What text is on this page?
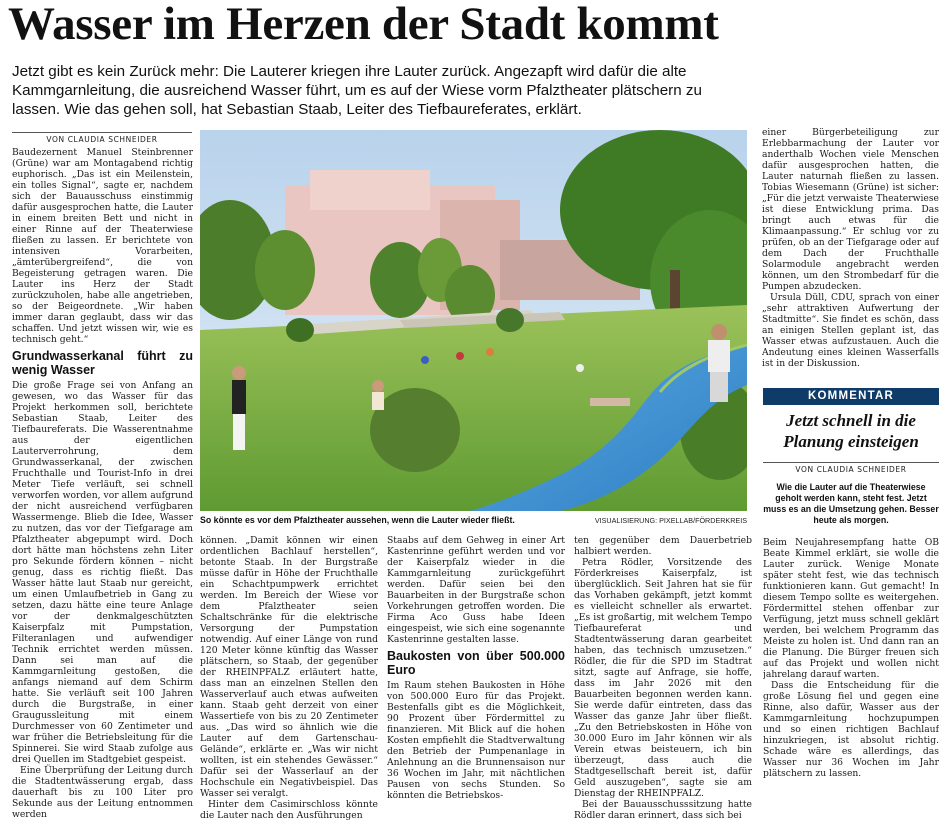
Wasser im Herzen der Stadt kommt
Jetzt gibt es kein Zurück mehr: Die Lauterer kriegen ihre Lauter zurück. Angezapft wird dafür die alte Kammgarnleitung, die ausreichend Wasser führt, um es auf der Wiese vorm Pfalztheater plätschern zu lassen. Wie das gehen soll, hat Sebastian Staab, Leiter des Tiefbaureferates, erklärt.
VON CLAUDIA SCHNEIDER

Baudezernent Manuel Steinbrenner (Grüne) war am Montagabend richtig euphorisch. „Das ist ein Meilenstein, ein tolles Signal“, sagte er, nachdem sich der Bauausschuss einstimmig dafür ausgesprochen hatte, die Lauter in einem breiten Bett und nicht in einer Rinne auf der Theaterwiese fließen zu lassen. Er berichtete von intensiven Vorarbeiten, „ämterübergreifend“, die von Begeisterung getragen waren. Die Lauter ins Herz der Stadt zurückzuholen, habe alle angetrieben, so der Beigeordnete. „Wir haben immer daran geglaubt, dass wir das schaffen. Und jetzt wissen wir, wie es technisch geht.“

Grundwasserkanal führt zu wenig Wasser

Die große Frage sei von Anfang an gewesen, wo das Wasser für das Projekt herkommen soll, berichtete Sebastian Staab, Leiter des Tiefbaureferats. Die Wasserentnahme aus der eigentlichen Lauterverrohrung, dem Grundwasserkanal, der zwischen Fruchthalle und Tourist-Info in drei Meter Tiefe verläuft, sei schnell verworfen worden, vor allem aufgrund der nicht ausreichend verfügbaren Wassermenge. Blieb die Idee, Wasser zu nutzen, das vor der Tiefgarage am Pfalztheater abgepumpt wird. Doch dort hätte man höchstens zehn Liter pro Sekunde fördern können – nicht genug, dass es richtig fließt. Das Wasser hätte laut Staab nur gereicht, um einen Umlaufbetrieb in Gang zu setzen, dazu hätte eine teure Anlage vor der denkmalgeschützten Kaiserpfalz mit Pumpstation, Filteranlagen und aufwendiger Technik errichtet werden müssen. Dann sei man auf die Kammgarnleitung gestoßen, die anfangs niemand auf dem Schirm hatte. Sie verläuft seit 100 Jahren durch die Burgstraße, in einer Graugussleitung mit einem Durchmesser von 60 Zentimeter und war früher die Betriebsleitung für die Spinnerei. Sie wird Staab zufolge aus drei Quellen im Stadtgebiet gespeist.

Eine Überprüfung der Leitung durch die Stadtentwässerung ergab, dass dauerhaft bis zu 100 Liter pro Sekunde aus der Leitung entnommen werden

So könnte es vor dem Pfalztheater aussehen, wenn die Lauter wieder fließt.	VISUALISIERUNG: PIXELLAB/FÖRDERKREIS

können. „Damit können wir einen ordentlichen Bachlauf herstellen“, betonte Staab. In der Burgstraße müsse dafür in Höhe der Fruchthalle ein Schachtpumpwerk errichtet werden. Im Bereich der Wiese vor dem Pfalztheater seien Schaltschränke für die elektrische Versorgung der Pumpstation notwendig. Auf einer Länge von rund 120 Meter könne künftig das Wasser plätschern, so Staab, der gegenüber der RHEINPFALZ erläutert hatte, dass man an einzelnen Stellen den Wasserverlauf auch etwas aufweiten kann. Staab geht derzeit von einer Wassertiefe von bis zu 20 Zentimeter aus. „Das wird so ähnlich wie die Lauter auf dem Gartenschau-Gelände“, erklärte er. „Was wir nicht wollten, ist ein stehendes Gewässer.“ Dafür sei der Wasserlauf an der Hochschule ein Negativbeispiel. Das Wasser sei veralgt.

Hinter dem Casimirschloss könnte die Lauter nach den Ausführungen

Staabs auf dem Gehweg in einer Art Kastenrinne geführt werden und vor der Kaiserpfalz wieder in die Kammgarnleitung zurückgeführt werden. Dafür seien bei den Bauarbeiten in der Burgstraße schon Vorkehrungen getroffen worden. Die Firma Aco Guss habe Ideen eingespeist, wie sich eine sogenannte Kastenrinne gestalten lasse.

Baukosten von über 500.000 Euro

Im Raum stehen Baukosten in Höhe von 500.000 Euro für das Projekt. Bestenfalls gibt es die Möglichkeit, 90 Prozent über Fördermittel zu finanzieren. Mit Blick auf die hohen Kosten empfiehlt die Stadtverwaltung den Betrieb der Pumpenanlage in Anlehnung an die Brunnensaison nur 36 Wochen im Jahr, mit nächtlichen Pausen von sechs Stunden. So könnten die Betriebskos-

ten gegenüber dem Dauerbetrieb halbiert werden.

Petra Rödler, Vorsitzende des Förderkreises Kaiserpfalz, ist überglücklich. Seit Jahren hat sie für das Vorhaben gekämpft, jetzt kommt es vielleicht schneller als erwartet. „Es ist großartig, mit welchem Tempo Tiefbaureferat und Stadtentwässerung daran gearbeitet haben, das technisch umzusetzen.“ Rödler, die für die SPD im Stadtrat sitzt, sagte auf Anfrage, sie hoffe, dass im Jahr 2026 mit den Bauarbeiten begonnen werden kann. Sie werde dafür eintreten, dass das Wasser das ganze Jahr über fließt. „Zu den Betriebskosten in Höhe von 30.000 Euro im Jahr können wir als Verein etwas beisteuern, ich bin überzeugt, dass auch die Stadtgesellschaft bereit ist, dafür Geld auszugeben“, sagte sie am Dienstag der RHEINPFALZ.

Bei der Bauausschusssitzung hatte Rödler daran erinnert, dass sich bei

einer Bürgerbeteiligung zur Erlebbarmachung der Lauter vor anderthalb Wochen viele Menschen dafür ausgesprochen hatten, die Lauter naturnah fließen zu lassen. Tobias Wiesemann (Grüne) ist sicher: „Für die jetzt verwaiste Theaterwiese ist diese Entwicklung prima. Das bringt auch etwas für die Klimaanpassung.“ Er schlug vor zu prüfen, ob an der Tiefgarage oder auf dem Dach der Fruchthalle Solarmodule angebracht werden können, um den Strombedarf für die Pumpen abzudecken.

Ursula Düll, CDU, sprach von einer „sehr attraktiven Aufwertung der Stadtmitte“. Sie findet es schön, dass an einigen Stellen geplant ist, das Wasser etwas aufzustauen. Auch die Andeutung eines kleinen Wasserfalls ist in der Diskussion.

KOMMENTAR
Jetzt schnell in die Planung einsteigen
VON CLAUDIA SCHNEIDER
Wie die Lauter auf die Theaterwiese geholt werden kann, steht fest. Jetzt muss es an die Umsetzung gehen. Besser heute als morgen.

Beim Neujahresempfang hatte OB Beate Kimmel erklärt, sie wolle die Lauter zurück. Wenige Monate später steht fest, wie das technisch funktionieren kann. Gut gemacht! In diesem Tempo sollte es weitergehen. Fördermittel stehen offenbar zur Verfügung, jetzt muss schnell geklärt werden, bei welchem Programm das Meiste zu holen ist. Und dann ran an die Planung. Die Bürger freuen sich auf das Projekt und wollen nicht jahrelang darauf warten.

Dass die Entscheidung für die große Lösung fiel und gegen eine Rinne, also dafür, Wasser aus der Kammgarnleitung hochzupumpen und so einen richtigen Bachlauf hinzukriegen, ist absolut richtig. Schade wäre es allerdings, das Wasser nur 36 Wochen im Jahr plätschern zu lassen.
